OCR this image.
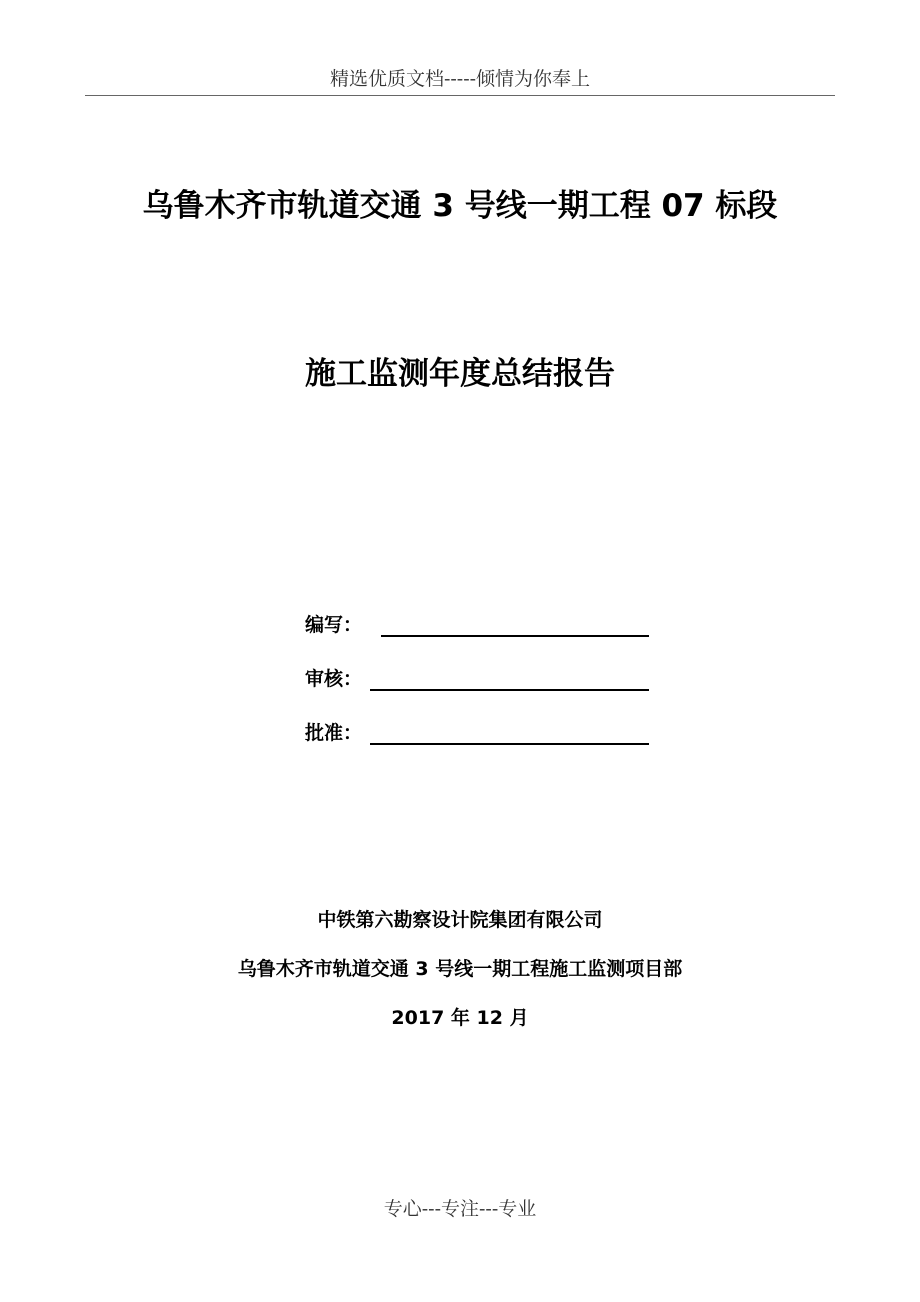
精选优质文档-----倾情为你奉上
乌鲁木齐市轨道交通 3 号线一期工程 07 标段
施工监测年度总结报告
编写：
审核：
批准：
中铁第六勘察设计院集团有限公司
乌鲁木齐市轨道交通 3 号线一期工程施工监测项目部
2017 年 12 月
专心---专注---专业
